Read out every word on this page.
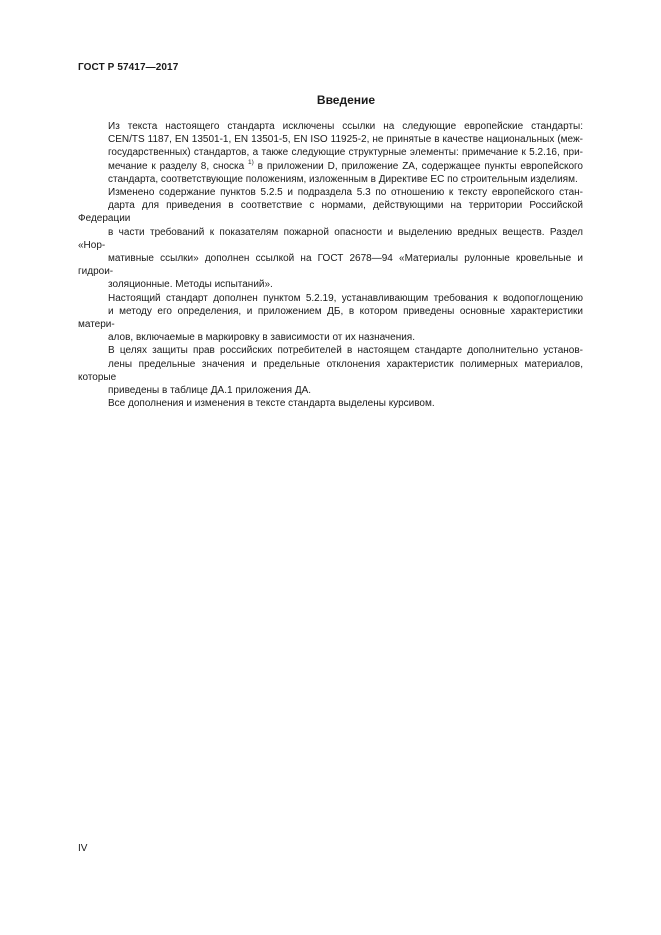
ГОСТ Р 57417—2017
Введение

Из текста настоящего стандарта исключены ссылки на следующие европейские стандарты:
CEN/TS 1187, EN 13501-1, EN 13501-5, EN ISO 11925-2, не принятые в качестве национальных (меж-
государственных) стандартов, а также следующие структурные элементы: примечание к 5.2.16, при-
мечание к разделу 8, сноска $^{1)}$ в приложении D, приложение ZA, содержащее пункты европейского
стандарта, соответствующие положениям, изложенным в Директиве ЕС по строительным изделиям.

Изменено содержание пунктов 5.2.5 и подраздела 5.3 по отношению к тексту европейского стан-
дарта для приведения в соответствие с нормами, действующими на территории Российской Федерации
в части требований к показателям пожарной опасности и выделению вредных веществ. Раздел «Нор-
мативные ссылки» дополнен ссылкой на ГОСТ 2678—94 «Материалы рулонные кровельные и гидрои-
золяционные. Методы испытаний».

Настоящий стандарт дополнен пунктом 5.2.19, устанавливающим требования к водопоглощению
и методу его определения, и приложением ДБ, в котором приведены основные характеристики матери-
алов, включаемые в маркировку в зависимости от их назначения.

В целях защиты прав российских потребителей в настоящем стандарте дополнительно установ-
лены предельные значения и предельные отклонения характеристик полимерных материалов, которые
приведены в таблице ДА.1 приложения ДА.

Все дополнения и изменения в тексте стандарта выделены курсивом.

IV
